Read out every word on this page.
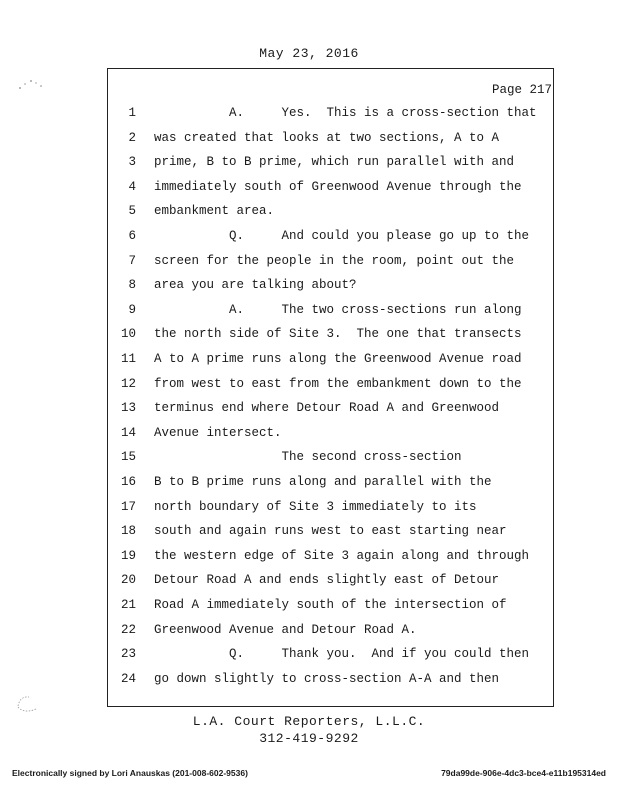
May 23, 2016
Page 217
1 A.     Yes.  This is a cross-section that
2 was created that looks at two sections, A to A
3 prime, B to B prime, which run parallel with and
4 immediately south of Greenwood Avenue through the
5 embankment area.
6 Q.     And could you please go up to the
7 screen for the people in the room, point out the
8 area you are talking about?
9 A.     The two cross-sections run along
10 the north side of Site 3.  The one that transects
11 A to A prime runs along the Greenwood Avenue road
12 from west to east from the embankment down to the
13 terminus end where Detour Road A and Greenwood
14 Avenue intersect.
15 The second cross-section
16 B to B prime runs along and parallel with the
17 north boundary of Site 3 immediately to its
18 south and again runs west to east starting near
19 the western edge of Site 3 again along and through
20 Detour Road A and ends slightly east of Detour
21 Road A immediately south of the intersection of
22 Greenwood Avenue and Detour Road A.
23 Q.     Thank you.  And if you could then
24 go down slightly to cross-section A-A and then
L.A. Court Reporters, L.L.C.
312-419-9292
Electronically signed by Lori Anauskas (201-008-602-9536)	79da99de-906e-4dc3-bce4-e11b195314ed
